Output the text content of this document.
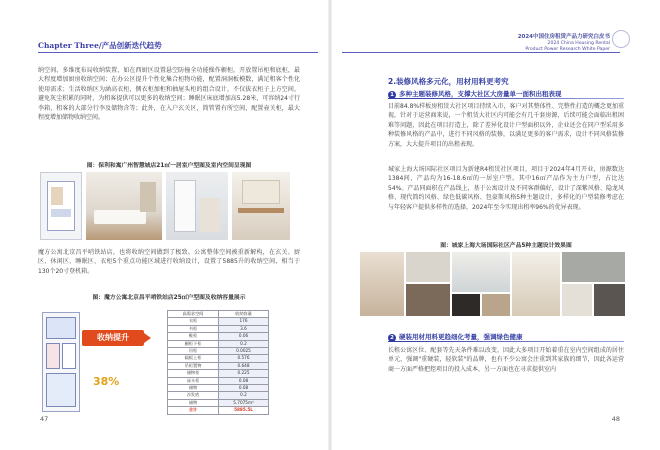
Chapter Three/产品创新迭代趋势
纳空间，多维度布局收纳装置，如在西厨区设置悬空防撞全功能操作橱柜，开放置吊柜和底柜，最大程度增加厨房收纳空间；在办公区提升个性化集合柜物功能，配置洞洞板模数，满足租客个性化使用需求；生活收纳区为涵高衣柜，侧衣柜加柜和抽屉头柜的组合设计，不仅拔衣柜子上方空间，避免灰尘积累的同时，为租客提供可以更多的收纳空间；睡眠区床底增加高5.28米，可容纳24寸行李箱，租客的大部分行李及储物含等；此外，在入户玄关区，简管置有所空间，配置壶关柜，最大程度增加储物收纳空间。
图：保利和寓广州智慧城店21㎡一居室户型图及室内空间呈现图
魔方公寓北京昌平哨铁站店，也将收纳空间做到了极致。公寓整体空间被重新解构，在玄关、厨区、休闲区、睡眠区、衣柜5个重点功能区域进行收纳设计，设置了5885升的收纳空间，相当于130个20寸登机箱。
图：魔方公寓北京昌平哨铁站店25㎡户型图及收纳容量展示
收纳提升
38%
高需求空间	收纳容量
衣柜	176
书柜	3.6
鞋柜	0.06
橱柜下柜	0.2
吊柜	0.0025
隔板上柜	0.576
吊柜置物	0.648
储物柜	0.225
床头柜	0.08
储物	0.08
沙发底	0.2
储物	5.7075m³
合计	5885.5L
47
2024中国住房租赁产品力研究白皮书
2024 China Housing Rental
Product Power Research White Paper
2.装修风格多元化，用材用料更考究
1 多种主题装修风格，支撑大社区大房量单一面积出租表现
目前84.8%样板房租赁大社区项目持续入市，客户对其整体性、完整性打造的概念更加重视，针对于运营商来说，一个租赁大社区内可能会有几千套房源，后续可能会面临出租困难等问题，因此在项目打造上，除了差异化设计户型面积以外，企业还会在同户型采用多种装修风格的产品中，进行不同风格的装修，以满足更多的客户需求，设计不同风格装修方案，大大提升项目的出租表现。
城家上海大场国际社区项目为新建R4租赁社区项目，项目于2024年4月开业，房源数达1384间，产品均为16-18.6㎡的一居室户型。其中16㎡产品作为主力户型，占比达54%。产品同面积在产品线上，基于公寓设计及不同客群偏好，设计了深紫风格、隐龙风格、现代简约风格、绿色低碳风格、包豪斯风格5种主题设计，多样化的户型装修考虑在与年轻客户提供多样性的选择，2024年至今实现出租率96%的优异表现。
图：城家上海大场国际社区产品5种主题设计效果图
2 硬装用材用料更趋细化考量，强调绿色健康
长租公寓区位、配套等先天条件难以改变，因此大多项目开始着重在室内空间组成的居住单元，强调"重硬装，轻软装"的品牌，也有不少公寓会注重到其家族的细节，因此各运营商一方面严格把控项目的投入成本，另一方面也在寻求提供室内
48
